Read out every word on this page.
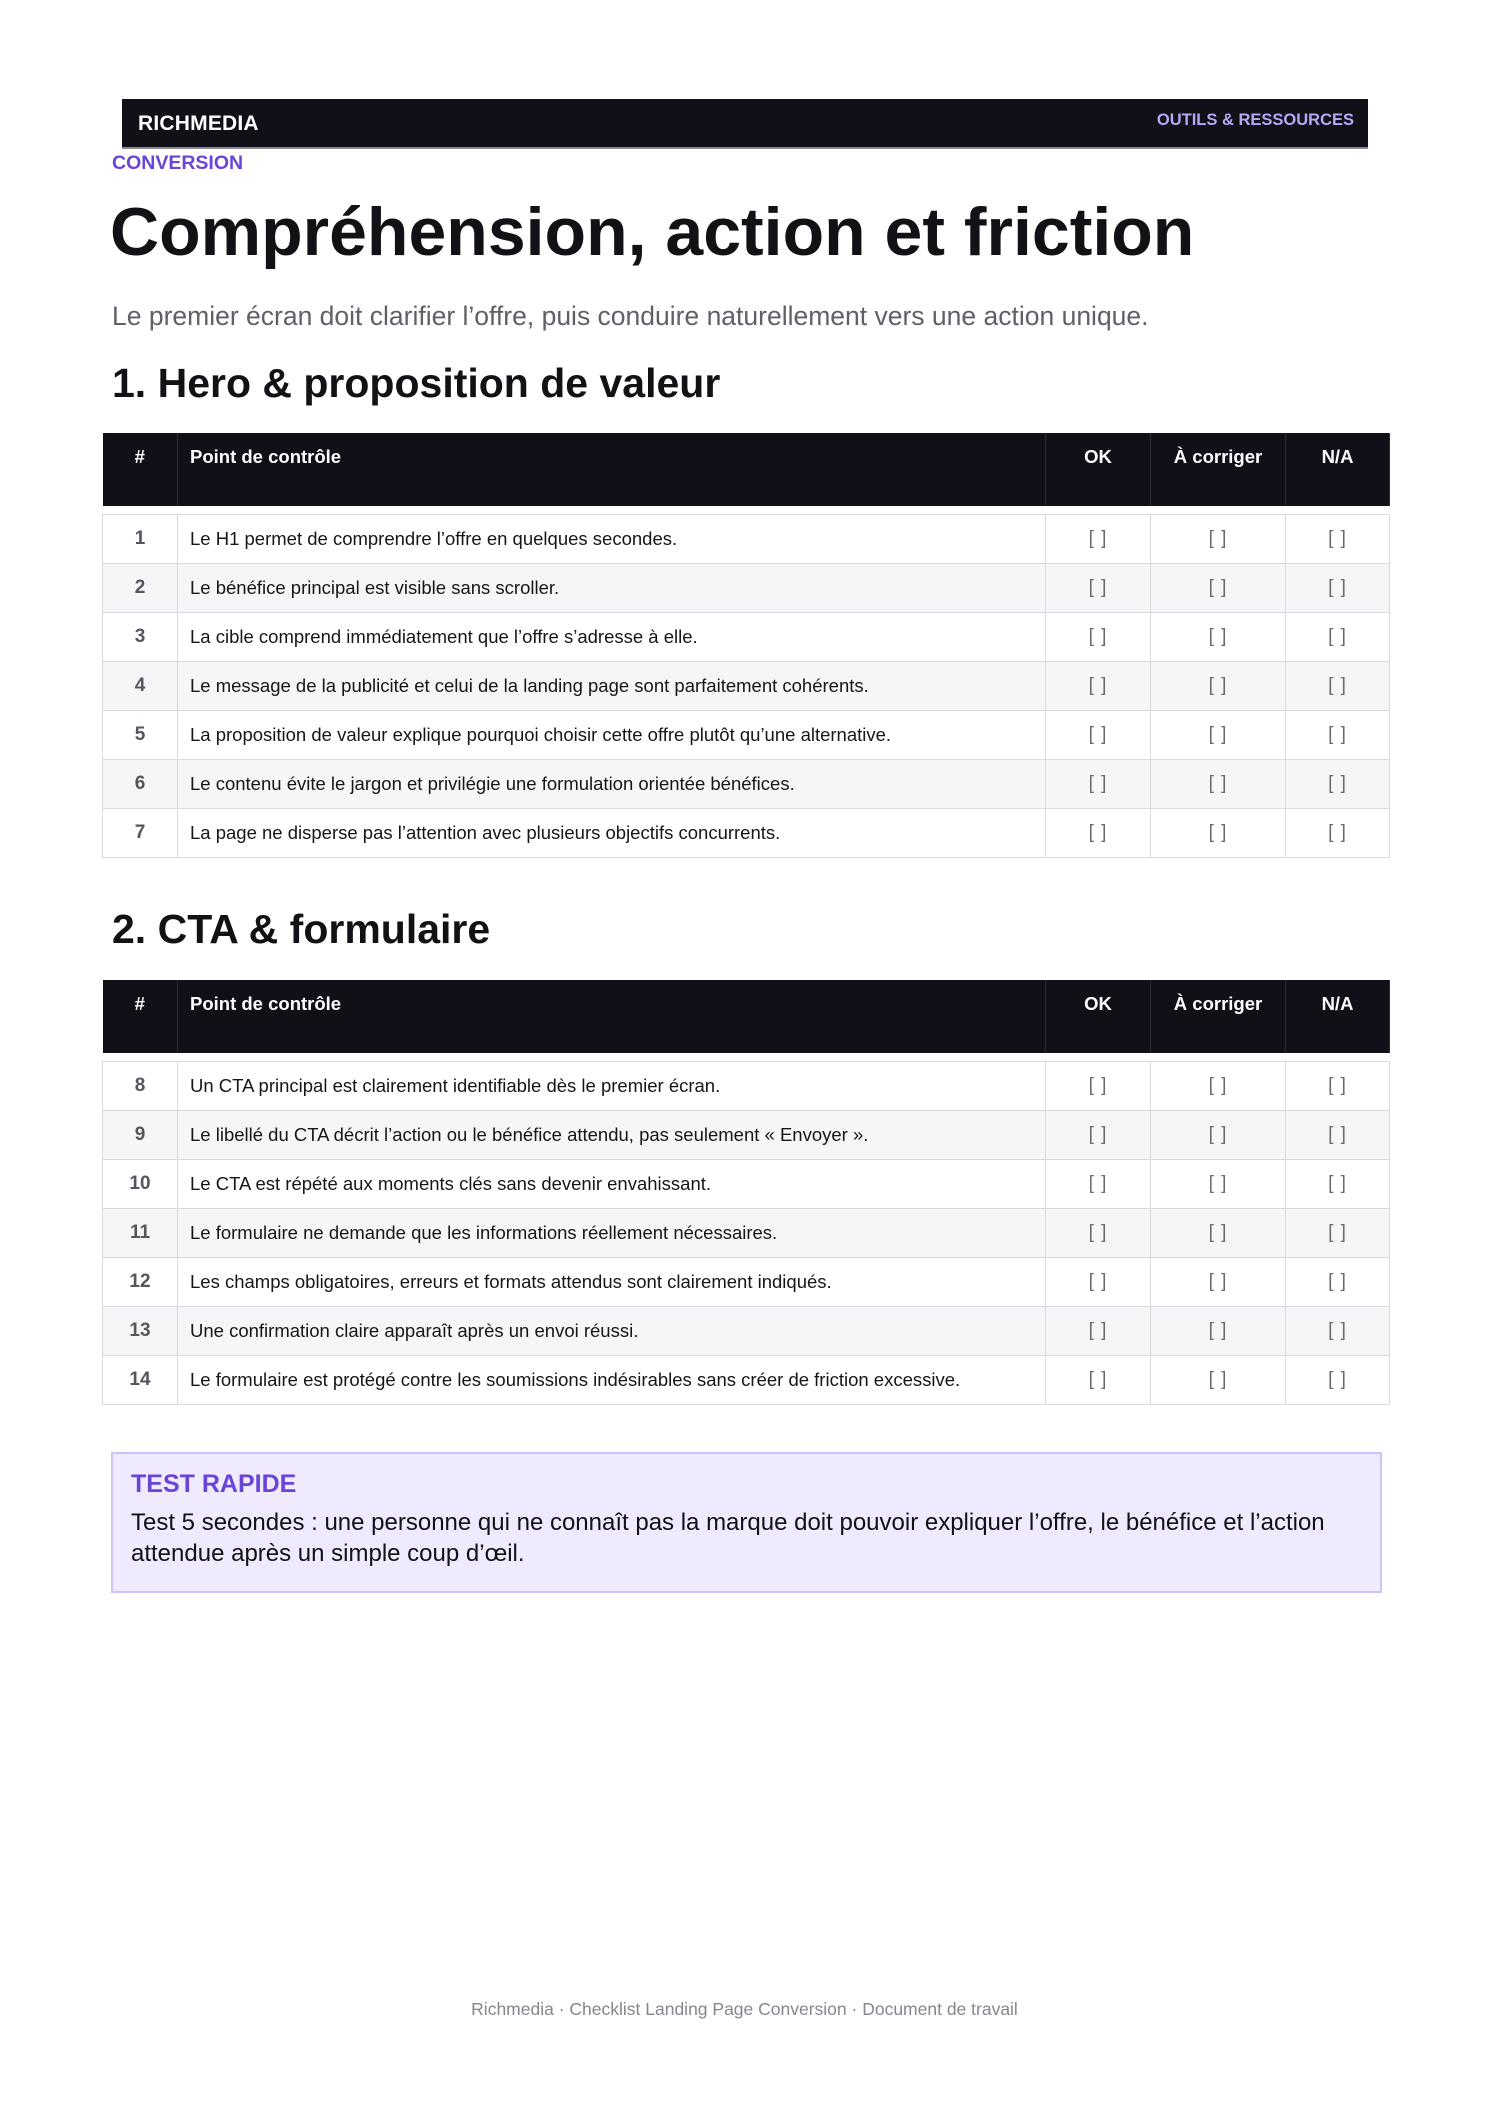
RICHMEDIA	OUTILS & RESSOURCES
CONVERSION
Compréhension, action et friction

Le premier écran doit clarifier l’offre, puis conduire naturellement vers une action unique.

1. Hero & proposition de valeur
#	Point de contrôle	OK	À corriger	N/A

1	Le H1 permet de comprendre l’offre en quelques secondes.	[ ]	[ ]	[ ]
2	Le bénéfice principal est visible sans scroller.	[ ]	[ ]	[ ]
3	La cible comprend immédiatement que l’offre s’adresse à elle.	[ ]	[ ]	[ ]
4	Le message de la publicité et celui de la landing page sont parfaitement cohérents.	[ ]	[ ]	[ ]
5	La proposition de valeur explique pourquoi choisir cette offre plutôt qu’une alternative.	[ ]	[ ]	[ ]
6	Le contenu évite le jargon et privilégie une formulation orientée bénéfices.	[ ]	[ ]	[ ]
7	La page ne disperse pas l’attention avec plusieurs objectifs concurrents.	[ ]	[ ]	[ ]
2. CTA & formulaire
#	Point de contrôle	OK	À corriger	N/A

8	Un CTA principal est clairement identifiable dès le premier écran.	[ ]	[ ]	[ ]
9	Le libellé du CTA décrit l’action ou le bénéfice attendu, pas seulement « Envoyer ».	[ ]	[ ]	[ ]
10	Le CTA est répété aux moments clés sans devenir envahissant.	[ ]	[ ]	[ ]
11	Le formulaire ne demande que les informations réellement nécessaires.	[ ]	[ ]	[ ]
12	Les champs obligatoires, erreurs et formats attendus sont clairement indiqués.	[ ]	[ ]	[ ]
13	Une confirmation claire apparaît après un envoi réussi.	[ ]	[ ]	[ ]
14	Le formulaire est protégé contre les soumissions indésirables sans créer de friction excessive.	[ ]	[ ]	[ ]
TEST RAPIDE

Test 5 secondes : une personne qui ne connaît pas la marque doit pouvoir expliquer l’offre, le bénéfice et l’action attendue après un simple coup d’œil.

Richmedia · Checklist Landing Page Conversion · Document de travail
